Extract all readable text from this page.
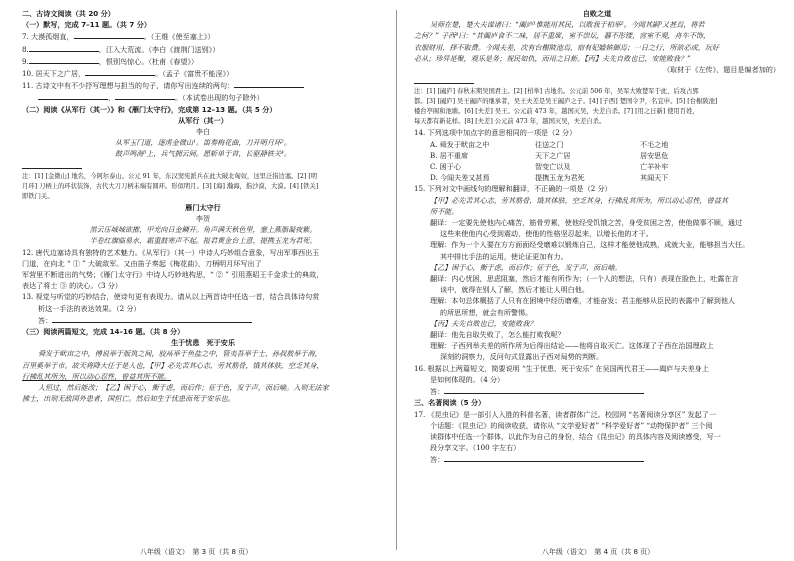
二、古诗文阅读（共 20 分）
（一）默写，完成 7–11 题。（共 7 分）
7. 大漠孤烟直，	。（王维《使至塞上》）
8.	，江入大荒流。（李白《渡荆门送别》）
9.	，恨别鸟惊心。（杜甫《春望》）
10. 居天下之广居，	。（孟子《富贵不能淫》）
11. 古诗文中有不少抒写理想与担当的句子，请你写出连续的两句：
，	。（本试卷出现的句子除外）
（二）阅读《从军行（其一）》和《雁门太守行》，完成第 12–13 题。（共 5 分）
从军行（其一）
李白
从军玉门道，逐虏金微山¹。笛奏梅花曲，刀开明月环²。
鼓声鸣海³上，兵气拥云间。愿斩单于首，长驱静铁关⁴。
注：[1] [金微山] 地名，今阿尔泰山。公元 91 年，东汉窦宪派兵在此大破北匈奴，这里泛指边塞。[2] [明
月环] 刀柄上的环状装饰，古代大刀刀柄末端有圆环。形似明月。[3] [海] 瀚海，指沙漠，大漠。[4] [铁关]
即铁门关。
雁门太守行
李贺
黑云压城城欲摧，甲光向日金鳞开。角声满天秋色里，塞上燕脂凝夜紫。
半卷红旗临易水，霜重鼓寒声不起。报君黄金台上意，提携玉龙为君死。
12. 唐代边塞诗具有独特的艺术魅力。《从军行》（其一）中诗人巧妙组合意象，写出军事西出玉
门道，在向北 “ ① ” 大破敌军。又由笛子奏起《梅花曲》，刀柄明月环写出了
军营里不断进出的气势；《雁门太守行》中诗人巧妙地构思，“ ② ” 引用燕昭王千金求士的典故，
表达了将士 ③ 的决心。（3 分）
13. 视觉与听觉的巧妙结合，使诗句更有表现力。请从以上两首诗中任选一首，结合具体诗句赏
析这一手法的表达效果。（2 分）
答：
（三）阅读两篇短文，完成 14–16 题。（共 8 分）
生于忧患　死于安乐
舜发于畎亩之中，傅说举于版筑之间，胶鬲举于鱼盐之中，管夷吾举于士，孙叔敖举于海，
百里奚举于市。故天将降大任于是人也，【甲】必先苦其心志，劳其筋骨，饿其体肤，空乏其身，
行拂乱其所为，所以动心忍性，曾益其所不能。
人恒过，然后能改；【乙】困于心，衡于虑，而后作；征于色，发于声，而后喻。入则无法家
拂士，出则无敌国外患者，国恒亡。然后知生于忧患而死于安乐也。
八年级（语文）　第 3 页（共 8 页）
自败之道
吴师在楚，楚大夫谋诸曰：“阖庐¹惟能用其民，以败我于柏举²。今闻其嗣³又甚焉，将若
之何？” 子西⁴曰：“昔阖庐食不二味，居不重席，室不崇坛，器不彤镂，宫室不观，舟车不饰，
衣服财用，择不取费。今闻夫差，次有台榭陂池焉，宿有妃嫱嫔御焉；一日之行，所欲必成，玩好
必从；珍异是聚，观乐是务；视民如仇，而用之日新。【丙】夫先自败也已，安能败我？”
（取材于《左传》，题目是编者加的）
注：[1] [阖庐] 春秋末期吴国君主。[2] [柏举] 古地名。公元前 506 年，吴军大败楚军于此，后攻占郢
都。[3] [阖庐] 吴王阖庐的继承者，吴王夫差是吴王阖庐之子。[4] [子西] 楚国令尹，名宜申。[5] [台榭陂池]
楼台亭阁和池塘。[6] [夫差] 吴王。公元前 473 年，越国灭吴，夫差自杀。[7] [用之日新] 使用百姓，
每天都有新花样。[8] [夫差] 公元前 473 年，越国灭吴，夫差自杀。
14. 下列选项中加点字的意思相同的一项是（2 分）
A. 舜发于畎亩之中	往送之门	不毛之地
B. 居不重席	天下之广居	居安思危
C. 困于心	智变亡以及	亡羊补牢
D. 今闻夫差又甚焉	提携玉龙为君死	其闻天下
15. 下列对文中画线句的理解和翻译，不正确的一项是（2 分）
【甲】必先苦其心志，劳其筋骨，饿其体肤，空乏其身，行拂乱其所为，所以动心忍性，曾益其
所不能。
翻译：一定要先使他内心痛苦，筋骨劳累，使他经受饥饿之苦，身受贫困之苦，使他做事不顺，通过
这些来使他内心受到震动，使他的性格坚忍起来，以增长他的才干。
理解：作为一个人要在方方面面经受磨难以锻炼自己，这样才能使他成熟，成就大业，能够担当大任。
其中排比手法的运用，使论证更加有力。
【乙】困于心，衡于虑，而后作；征于色，发于声，而后喻。
翻译：内心忧困，思虑阻塞，然后才能有所作为；（一个人的想法，只有）表现在脸色上，吐露在言
谈中，就得在别人了解，然后才能让人明白他。
理解：本句总体概括了人只有在困境中经历磨难，才能奋发；君主能够从臣民的表露中了解到他人
的所思所想，就会有所警惕。
【丙】夫先自败也已，安能败我？
翻译：他先自取失败了，怎么能打败我呢？
理解：子西列举夫差的所作所为后得出结论——他将自取灭亡。这体现了子西在治国理政上
深刻的洞察力，反问句式显露出子西对局势的判断。
16. 根据以上两篇短文，简要说明 “生于忧患，死于安乐” 在吴国两代君王——阖庐与夫差身上
是如何体现的。（4 分）
答：
三、名著阅读（5 分）
17. 《昆虫记》是一部引人入胜的科普名著，读者群体广泛。校园网 “名著阅读分享区” 发起了一
个话题：《昆虫记》的阅读收获，请你从 “文学爱好者” “科学爱好者” “动物保护者” 三个阅
读群体中任选一个群体，以此作为自己的身份，结合《昆虫记》的具体内容及阅读感受，写一
段分享文字。（100 字左右）
答：
八年级（语文）　第 4 页（共 8 页）
